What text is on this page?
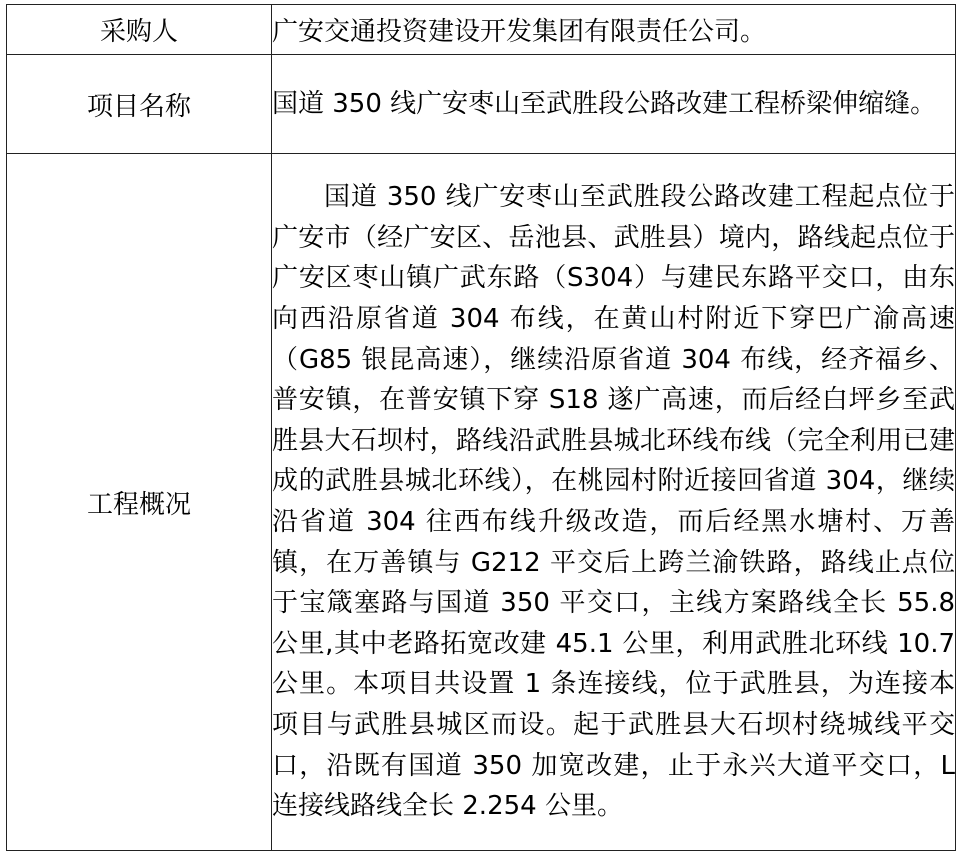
采购人	广安交通投资建设开发集团有限责任公司。
项目名称	国道 350 线广安枣山至武胜段公路改建工程桥梁伸缩缝。
工程概况	国道 350 线广安枣山至武胜段公路改建工程起点位于广安市（经广安区、岳池县、武胜县）境内，路线起点位于广安区枣山镇广武东路（S304）与建民东路平交口，由东向西沿原省道 304 布线，在黄山村附近下穿巴广渝高速（G85 银昆高速），继续沿原省道 304 布线，经齐福乡、普安镇，在普安镇下穿 S18 遂广高速，而后经白坪乡至武胜县大石坝村，路线沿武胜县城北环线布线（完全利用已建成的武胜县城北环线），在桃园村附近接回省道 304，继续沿省道 304 往西布线升级改造，而后经黑水塘村、万善镇，在万善镇与 G212 平交后上跨兰渝铁路，路线止点位于宝箴塞路与国道 350 平交口，主线方案路线全长 55.8 公里,其中老路拓宽改建 45.1 公里，利用武胜北环线 10.7 公里。本项目共设置 1 条连接线，位于武胜县，为连接本项目与武胜县城区而设。起于武胜县大石坝村绕城线平交口，沿既有国道 350 加宽改建，止于永兴大道平交口，L 连接线路线全长 2.254 公里。
